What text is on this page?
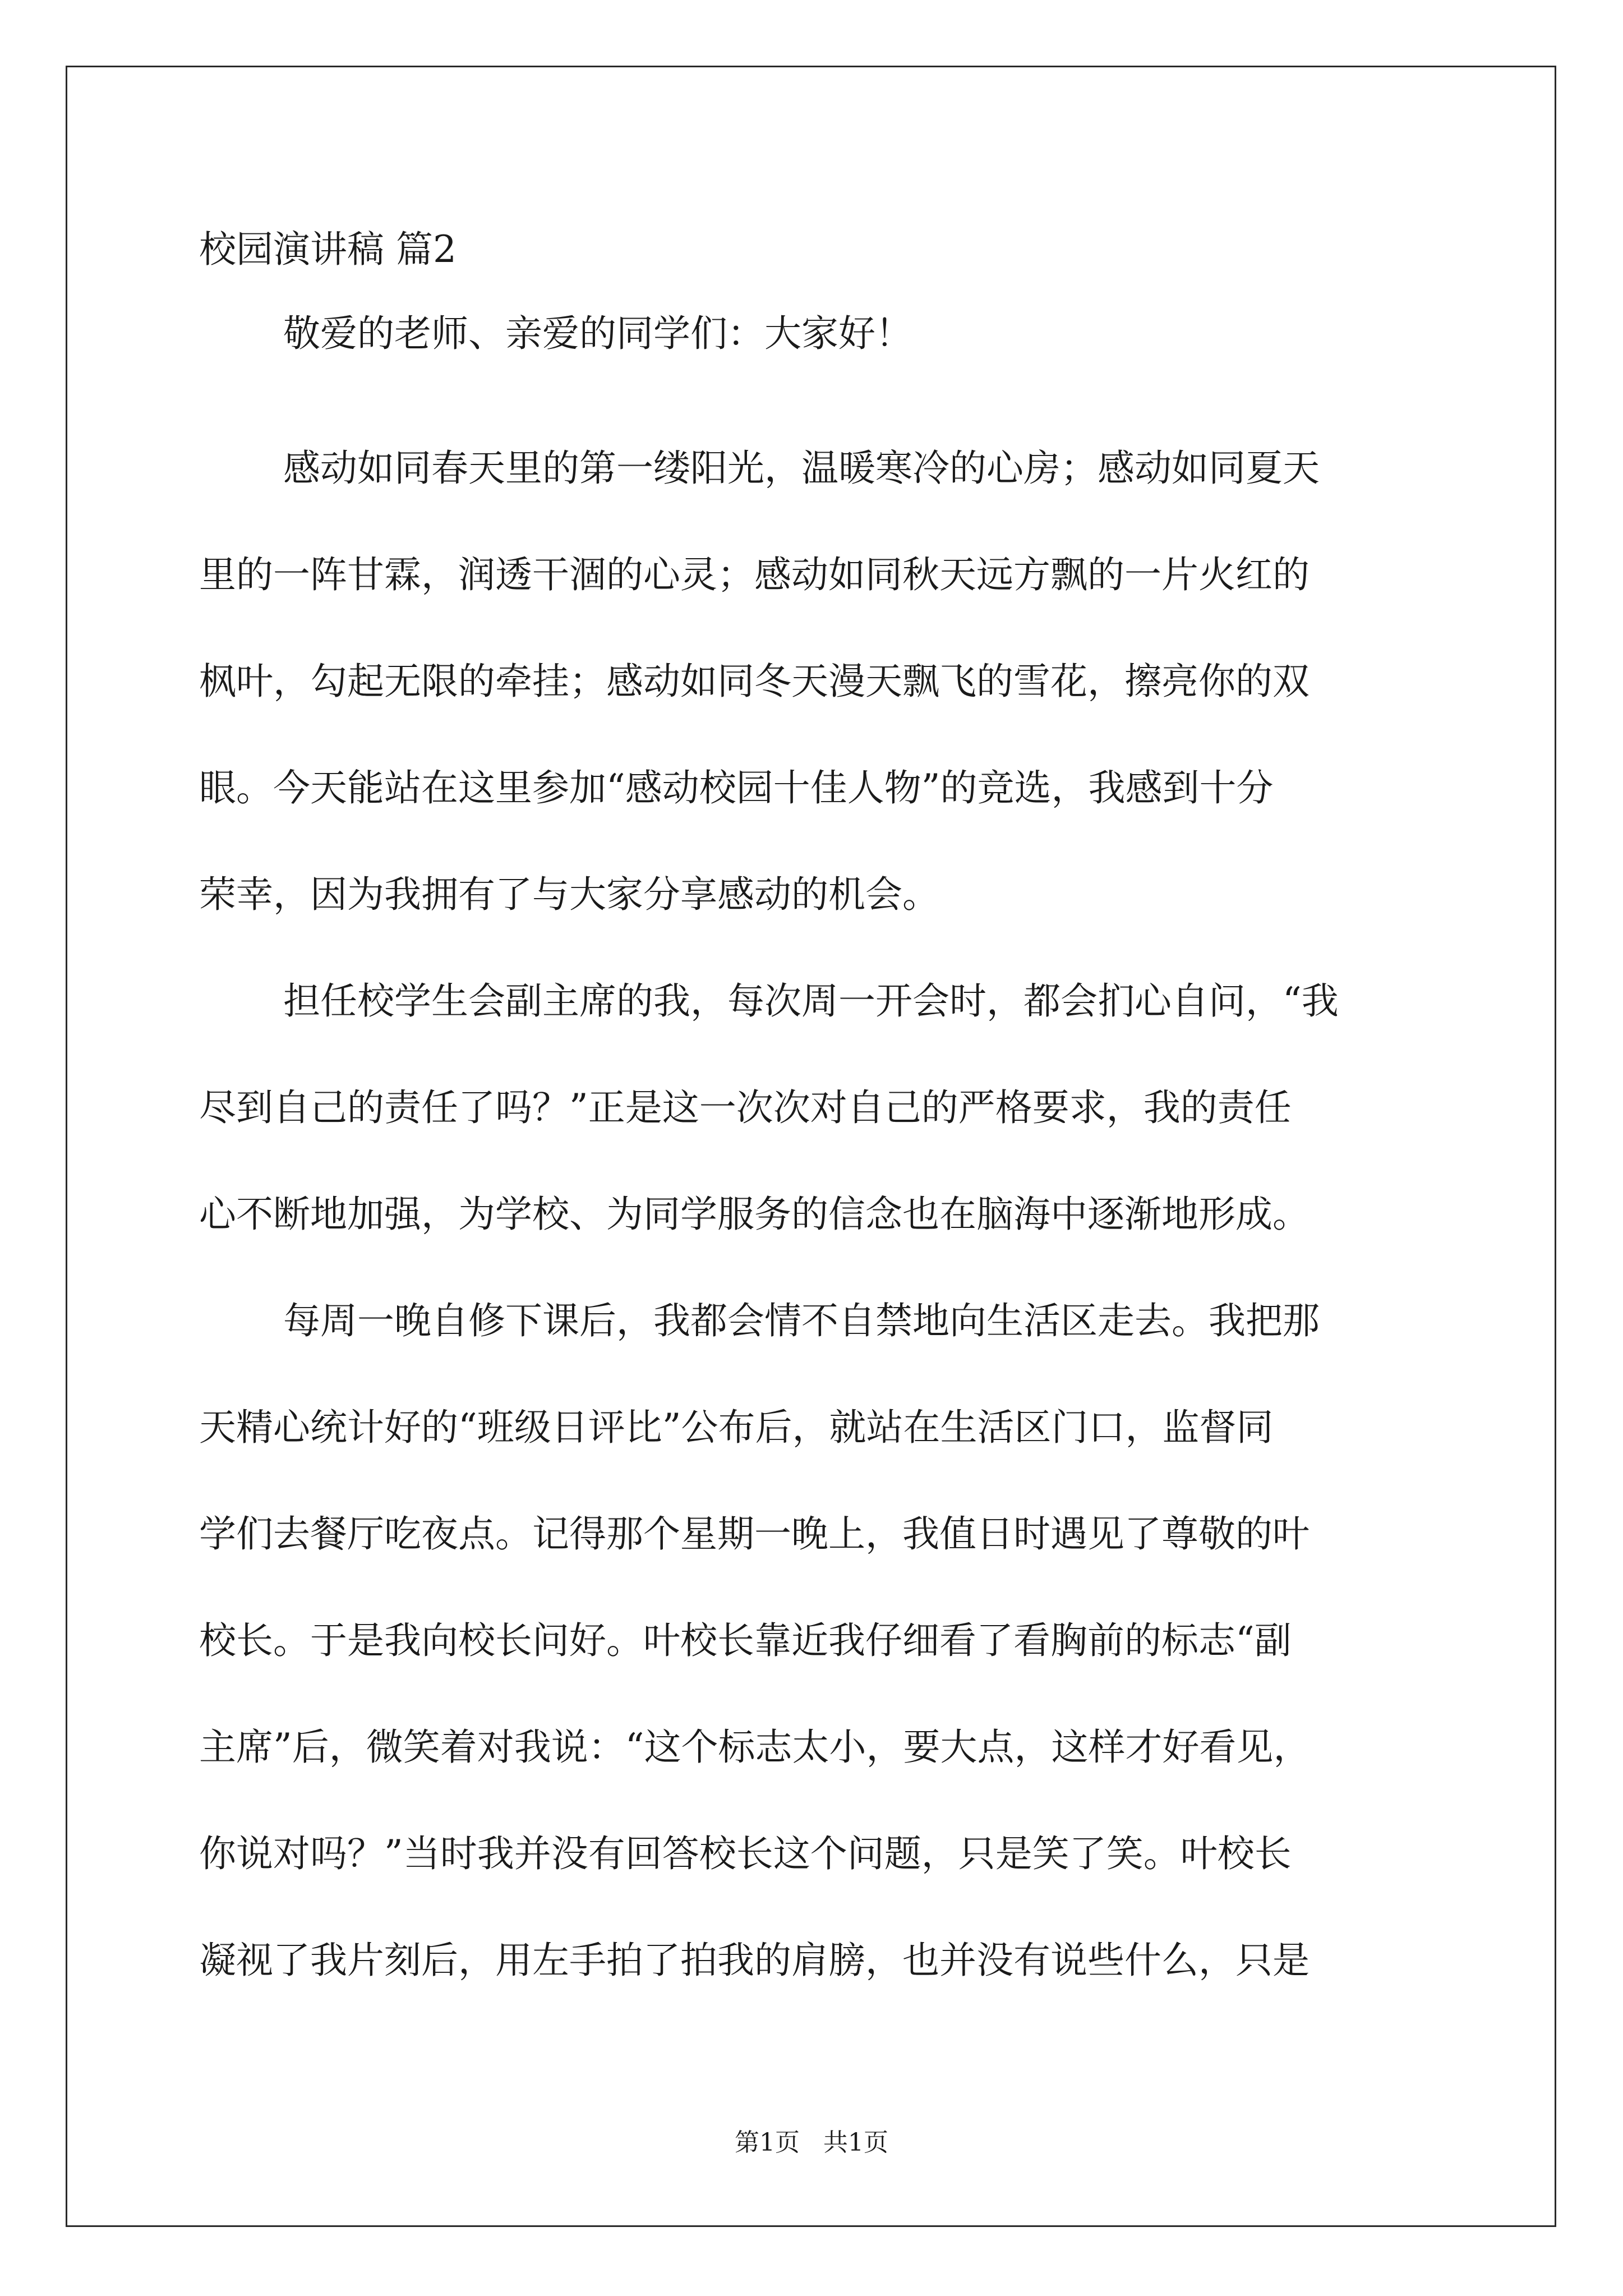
校园演讲稿 篇2
敬爱的老师、亲爱的同学们：大家好！
感动如同春天里的第一缕阳光，温暖寒冷的心房；感动如同夏天
里的一阵甘霖，润透干涸的心灵；感动如同秋天远方飘的一片火红的
枫叶，勾起无限的牵挂；感动如同冬天漫天飘飞的雪花，擦亮你的双
眼。今天能站在这里参加“感动校园十佳人物”的竞选，我感到十分
荣幸，因为我拥有了与大家分享感动的机会。
担任校学生会副主席的我，每次周一开会时，都会扪心自问，“我
尽到自己的责任了吗？”正是这一次次对自己的严格要求，我的责任
心不断地加强，为学校、为同学服务的信念也在脑海中逐渐地形成。
每周一晚自修下课后，我都会情不自禁地向生活区走去。我把那
天精心统计好的“班级日评比”公布后，就站在生活区门口，监督同
学们去餐厅吃夜点。记得那个星期一晚上，我值日时遇见了尊敬的叶
校长。于是我向校长问好。叶校长靠近我仔细看了看胸前的标志“副
主席”后，微笑着对我说：“这个标志太小，要大点，这样才好看见，
你说对吗？”当时我并没有回答校长这个问题，只是笑了笑。叶校长
凝视了我片刻后，用左手拍了拍我的肩膀，也并没有说些什么，只是
第1页   共1页
